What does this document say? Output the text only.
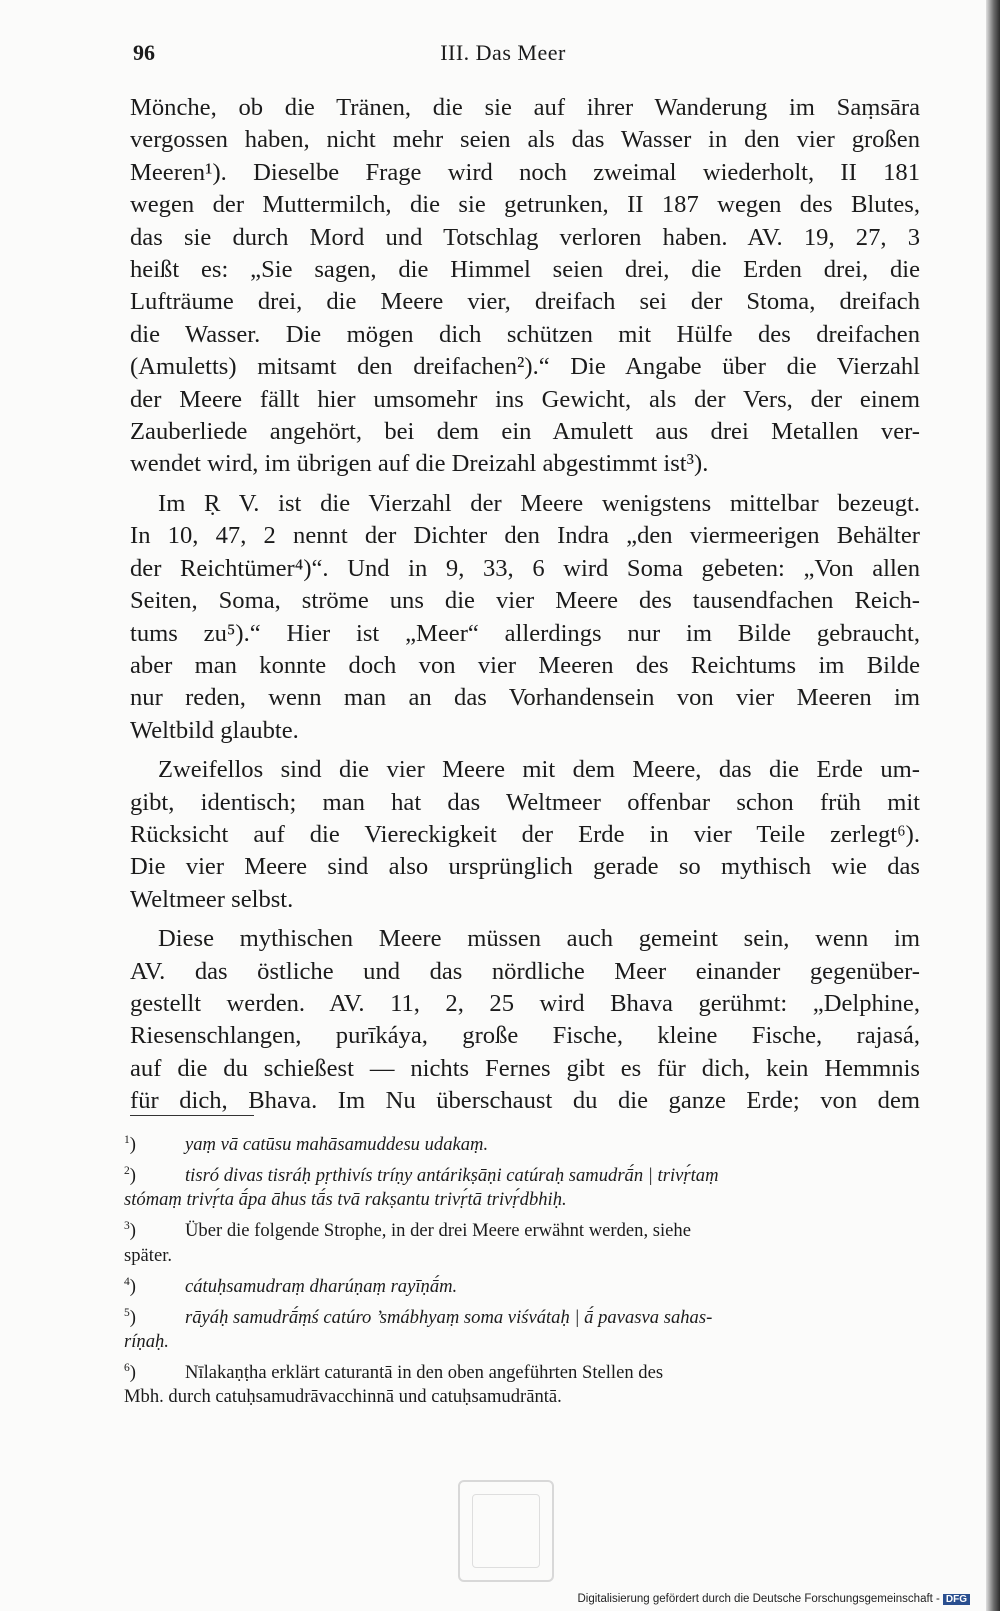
96	III. Das Meer
Mönche, ob die Tränen, die sie auf ihrer Wanderung im Saṃsāra
vergossen haben, nicht mehr seien als das Wasser in den vier großen
Meeren¹). Dieselbe Frage wird noch zweimal wiederholt, II 181
wegen der Muttermilch, die sie getrunken, II 187 wegen des Blutes,
das sie durch Mord und Totschlag verloren haben. AV. 19, 27, 3
heißt es: „Sie sagen, die Himmel seien drei, die Erden drei, die
Lufträume drei, die Meere vier, dreifach sei der Stoma, dreifach
die Wasser. Die mögen dich schützen mit Hülfe des dreifachen
(Amuletts) mitsamt den dreifachen²).“ Die Angabe über die Vierzahl
der Meere fällt hier umsomehr ins Gewicht, als der Vers, der einem
Zauberliede angehört, bei dem ein Amulett aus drei Metallen ver-
wendet wird, im übrigen auf die Dreizahl abgestimmt ist³).
Im Ṛ V. ist die Vierzahl der Meere wenigstens mittelbar bezeugt.
In 10, 47, 2 nennt der Dichter den Indra „den viermeerigen Behälter
der Reichtümer⁴)“. Und in 9, 33, 6 wird Soma gebeten: „Von allen
Seiten, Soma, ströme uns die vier Meere des tausendfachen Reich-
tums zu⁵).“ Hier ist „Meer“ allerdings nur im Bilde gebraucht,
aber man konnte doch von vier Meeren des Reichtums im Bilde
nur reden, wenn man an das Vorhandensein von vier Meeren im
Weltbild glaubte.
Zweifellos sind die vier Meere mit dem Meere, das die Erde um-
gibt, identisch; man hat das Weltmeer offenbar schon früh mit
Rücksicht auf die Viereckigkeit der Erde in vier Teile zerlegt⁶).
Die vier Meere sind also ursprünglich gerade so mythisch wie das
Weltmeer selbst.
Diese mythischen Meere müssen auch gemeint sein, wenn im
AV. das östliche und das nördliche Meer einander gegenüber-
gestellt werden. AV. 11, 2, 25 wird Bhava gerühmt: „Delphine,
Riesenschlangen, purīkáya, große Fische, kleine Fische, rajasá,
auf die du schießest — nichts Fernes gibt es für dich, kein Hemmnis
für dich, Bhava. Im Nu überschaust du die ganze Erde; von dem
$^1$)	yaṃ vā catūsu mahāsamuddesu udakaṃ.
$^2$)	tisró divas tisráḥ pṛthivís tríṇy antárikṣāṇi catúraḥ samudrā́n | trivṛ́taṃ
stómaṃ trivṛ́ta ā́pa āhus tā́s tvā rakṣantu trivṛ́tā trivṛ́dbhiḥ.
$^3$)	Über die folgende Strophe, in der drei Meere erwähnt werden, siehe
später.
$^4$)	cátuḥsamudraṃ dharúṇaṃ rayīṇā́m.
$^5$)	rāyáḥ samudrā́ṃś catúro ’smábhyaṃ soma viśvátaḥ | ā́ pavasva sahas-
ríṇaḥ.
$^6$)	Nīlakaṇṭha erklärt caturantā in den oben angeführten Stellen des
Mbh. durch catuḥsamudrāvacchinnā und catuḥsamudrāntā.
Digitalisierung gefördert durch die Deutsche Forschungsgemeinschaft - DFG
